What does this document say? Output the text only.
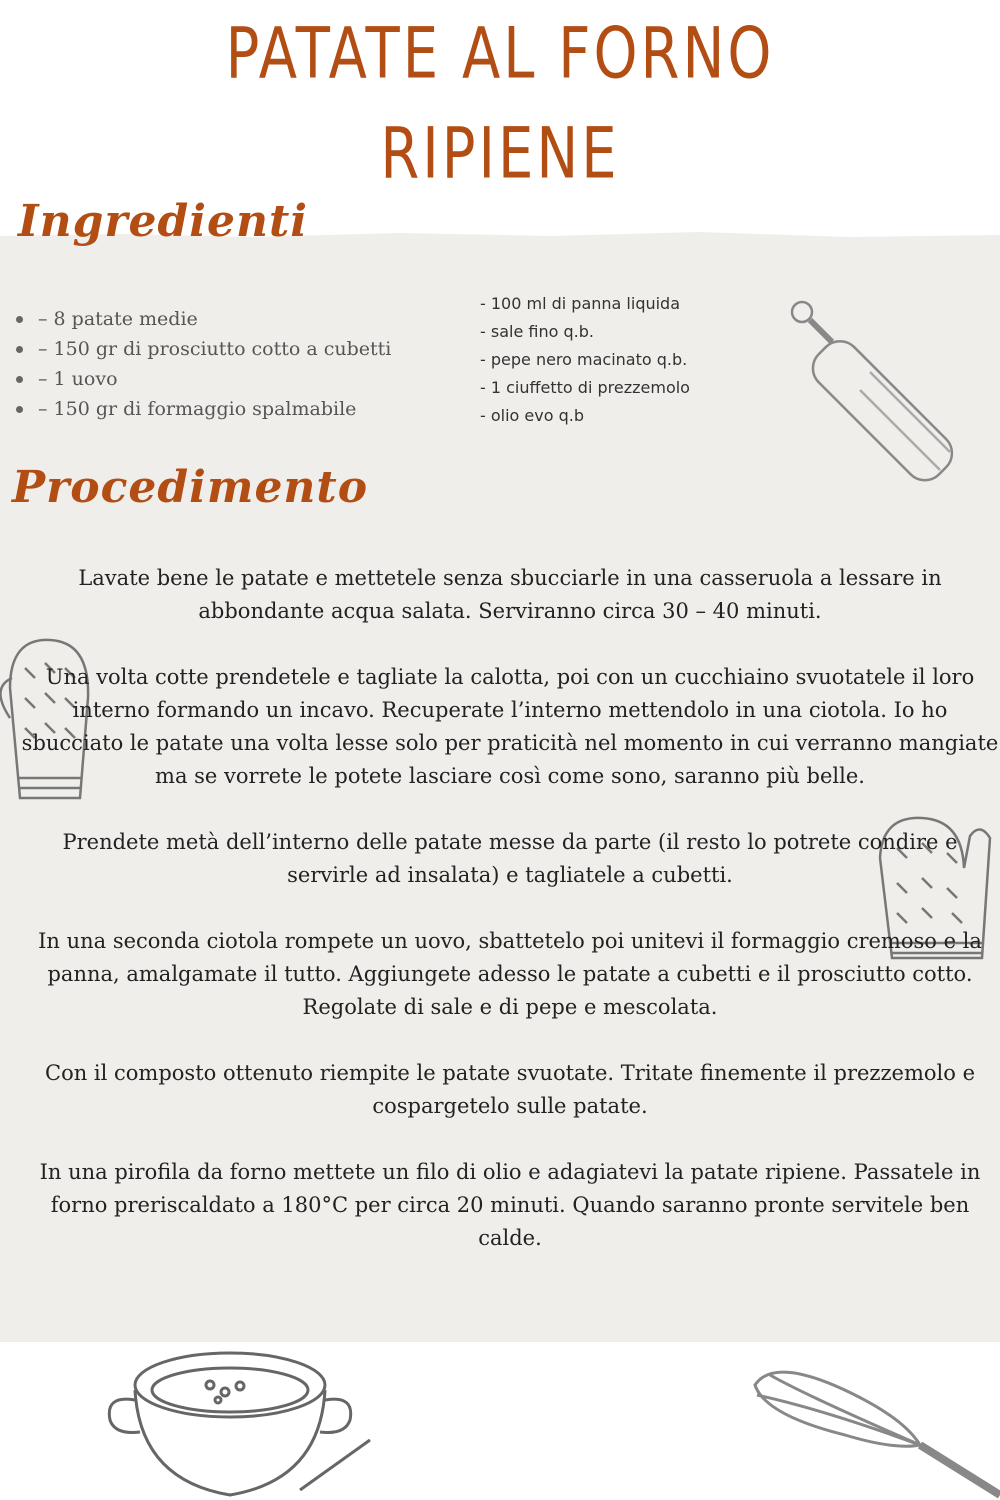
PATATE AL FORNO
RIPIENE
Ingredienti
– 8 patate medie
– 150 gr di prosciutto cotto a cubetti
– 1 uovo
– 150 gr di formaggio spalmabile
- 100 ml di panna liquida
- sale fino q.b.
- pepe nero macinato q.b.
- 1 ciuffetto di prezzemolo
- olio evo q.b
Procedimento

Lavate bene le patate e mettetele senza sbucciarle in una casseruola a lessare in abbondante acqua salata. Serviranno circa 30 – 40 minuti.

Una volta cotte prendetele e tagliate la calotta, poi con un cucchiaino svuotatele il loro interno formando un incavo. Recuperate l’interno mettendolo in una ciotola. Io ho sbucciato le patate una volta lesse solo per praticità nel momento in cui verranno mangiate ma se vorrete le potete lasciare così come sono, saranno più belle.

Prendete metà dell’interno delle patate messe da parte (il resto lo potrete condire e servirle ad insalata) e tagliatele a cubetti.

In una seconda ciotola rompete un uovo, sbattetelo poi unitevi il formaggio cremoso e la panna, amalgamate il tutto. Aggiungete adesso le patate a cubetti e il prosciutto cotto. Regolate di sale e di pepe e mescolata.

Con il composto ottenuto riempite le patate svuotate. Tritate finemente il prezzemolo e cospargetelo sulle patate.

In una pirofila da forno mettete un filo di olio e adagiatevi la patate ripiene. Passatele in forno preriscaldato a 180°C per circa 20 minuti. Quando saranno pronte servitele ben calde.
